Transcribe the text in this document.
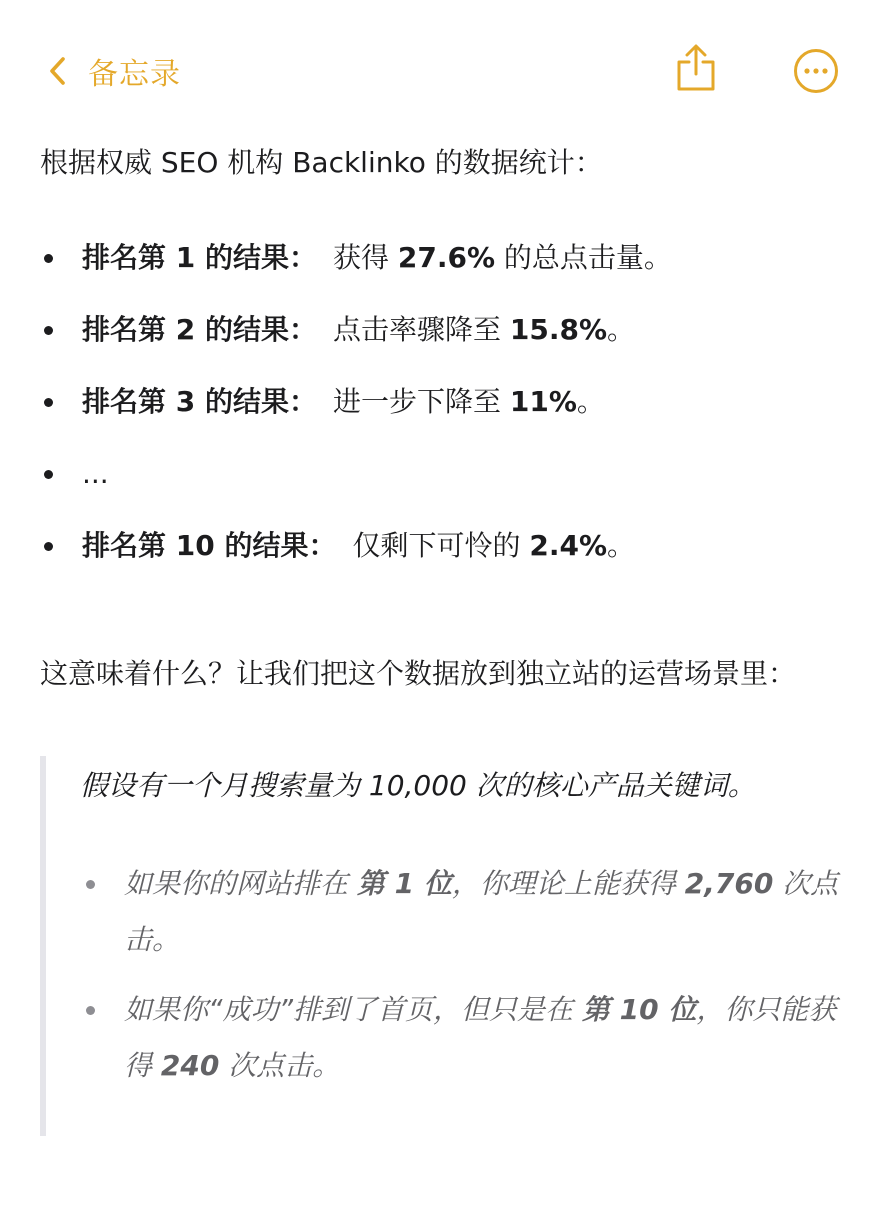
备忘录

根据权威 SEO 机构 Backlinko 的数据统计：

排名第 1 的结果： 获得 27.6% 的总点击量。
排名第 2 的结果： 点击率骤降至 15.8%。
排名第 3 的结果： 进一步下降至 11%。
...
排名第 10 的结果： 仅剩下可怜的 2.4%。

这意味着什么？让我们把这个数据放到独立站的运营场景里：

假设有一个月搜索量为 10,000 次的核心产品关键词。
如果你的网站排在 第 1 位，你理论上能获得 2,760 次点击。
如果你“成功”排到了首页，但只是在 第 10 位，你只能获得 240 次点击。
